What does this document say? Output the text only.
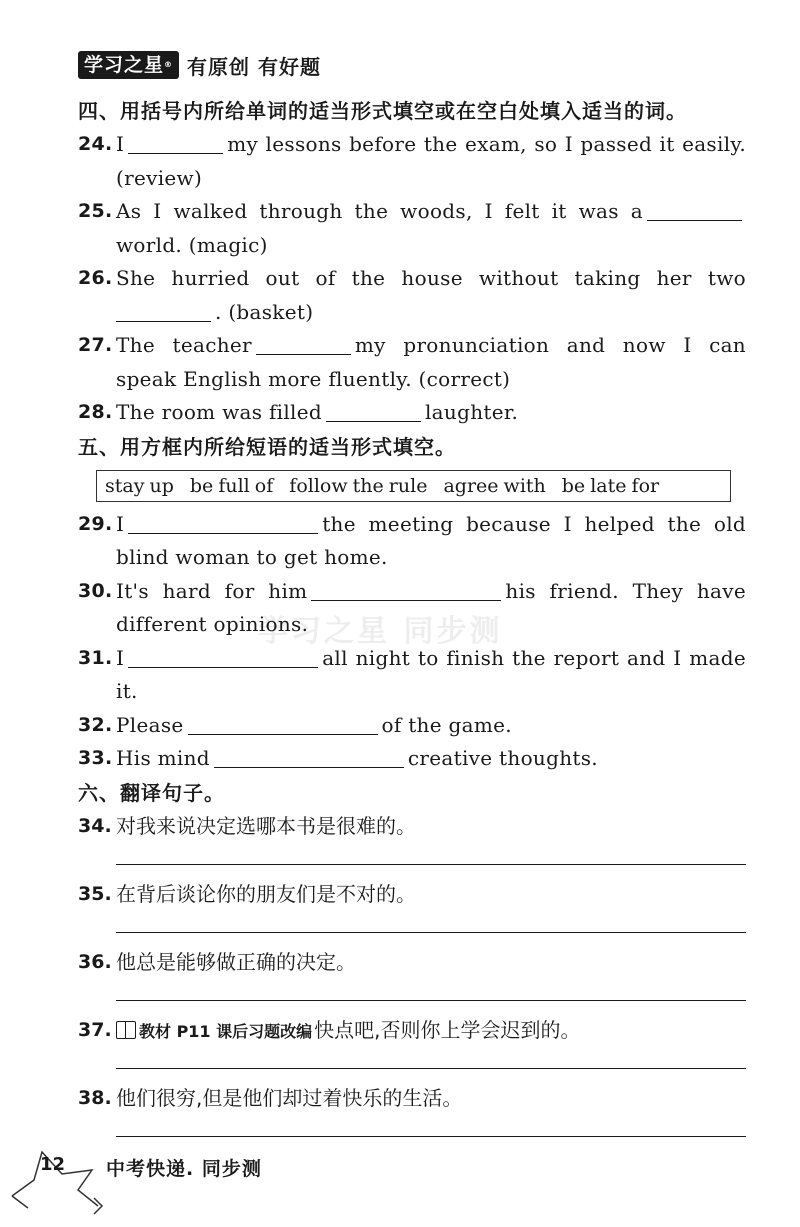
学习之星® 有原创 有好题
学习之星 同步测
四、用括号内所给单词的适当形式填空或在空白处填入适当的词。
24. I	my lessons before the exam, so I passed it easily. (review)
25. As I walked through the woods, I felt it was aworld. (magic)
26. She hurried out of the house without taking her two . (basket)
27. The teacher	my pronunciation and now I can speak English more fluently. (correct)
28. The room was filled	laughter.
五、用方框内所给短语的适当形式填空。
stay up be full of follow the rule agree with be late for
29. I	the meeting because I helped the old blind woman to get home.
30. It's hard for him	his friend. They have different opinions.
31. I	all night to finish the report and I made it.
32. Please	of the game.
33. His mind	creative thoughts.
六、翻译句子。
34. 对我来说决定选哪本书是很难的。
35. 在背后谈论你的朋友们是不对的。
36. 他总是能够做正确的决定。
37. 教材 P11 课后习题改编 快点吧,否则你上学会迟到的。
38. 他们很穷,但是他们却过着快乐的生活。
12 中考快递. 同步测
